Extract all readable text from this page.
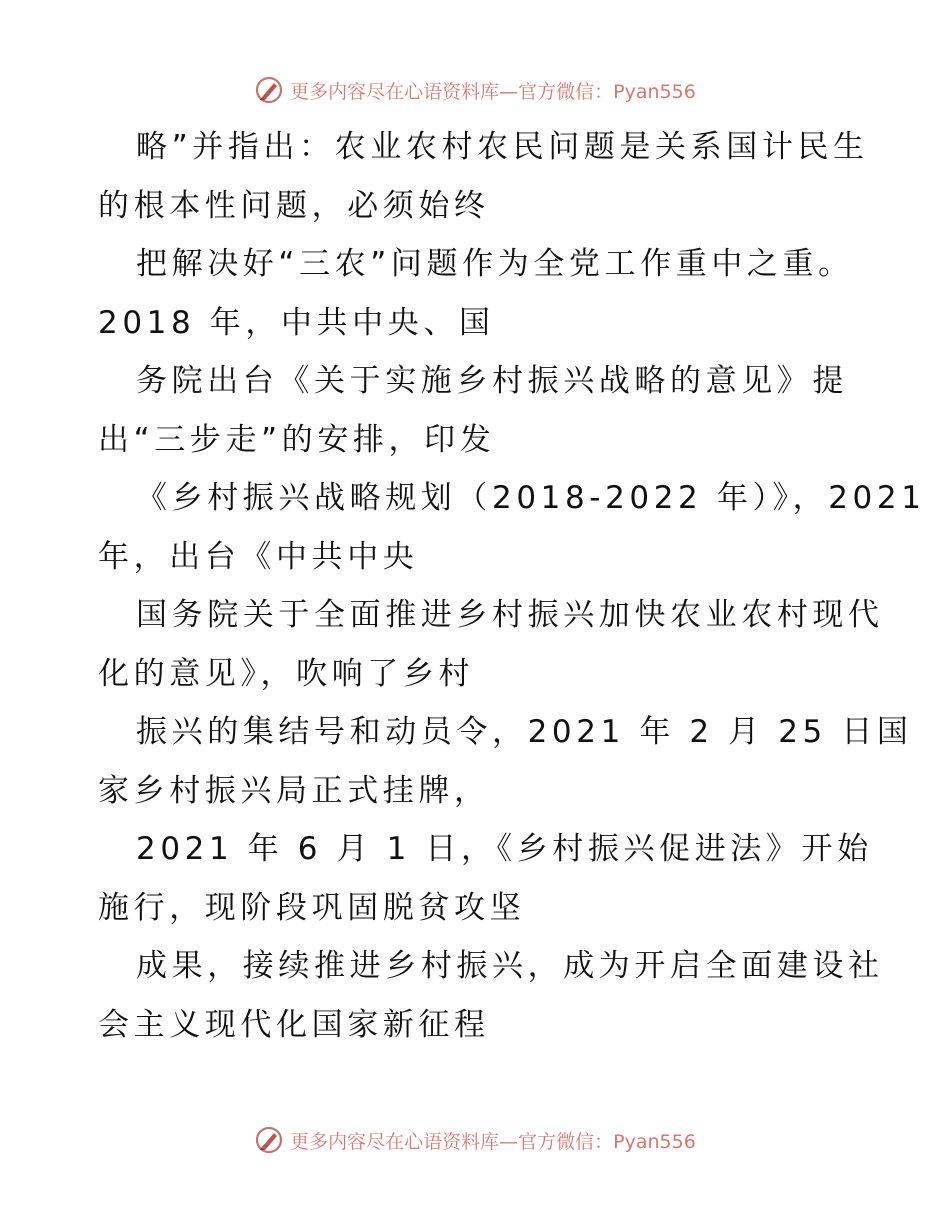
更多内容尽在心语资料库—官方微信：Pyan556
略”并指出：农业农村农民问题是关系国计民生
的根本性问题，必须始终
把解决好“三农”问题作为全党工作重中之重。
2018 年，中共中央、国
务院出台《关于实施乡村振兴战略的意见》提
出“三步走”的安排，印发
《乡村振兴战略规划（2018-2022 年）》，2021
年，出台《中共中央
国务院关于全面推进乡村振兴加快农业农村现代
化的意见》，吹响了乡村
振兴的集结号和动员令，2021 年 2 月 25 日国
家乡村振兴局正式挂牌，
2021 年 6 月 1 日，《乡村振兴促进法》开始
施行，现阶段巩固脱贫攻坚
成果，接续推进乡村振兴，成为开启全面建设社
会主义现代化国家新征程
更多内容尽在心语资料库—官方微信：Pyan556
